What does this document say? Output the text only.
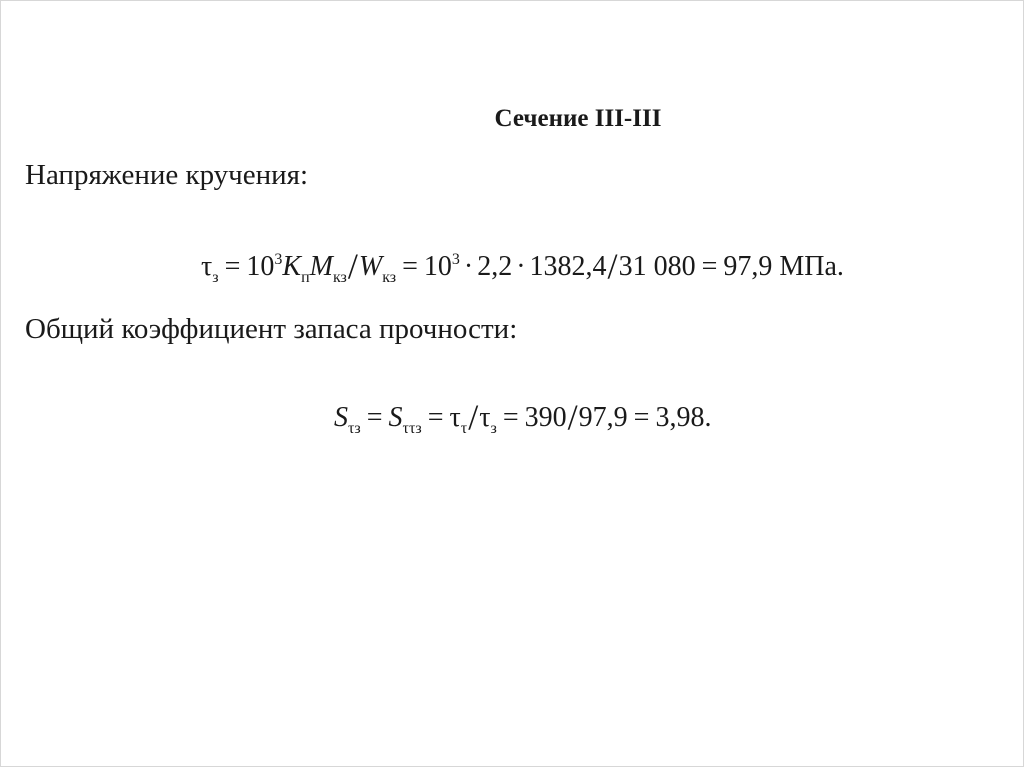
Сечение III-III
Напряжение кручения:
$\tau_з = 10^3K_пM_{кз}/W_{кз} = 10^3 \cdot 2,2 \cdot 1382,4/31$ 080 = 97,9 МПа.
Общий коэффициент запаса прочности:
$S_{\tau з} = S_{\tau\tau з} = \tau_\tau/\tau_з = 390/97,9 = 3,98$.
